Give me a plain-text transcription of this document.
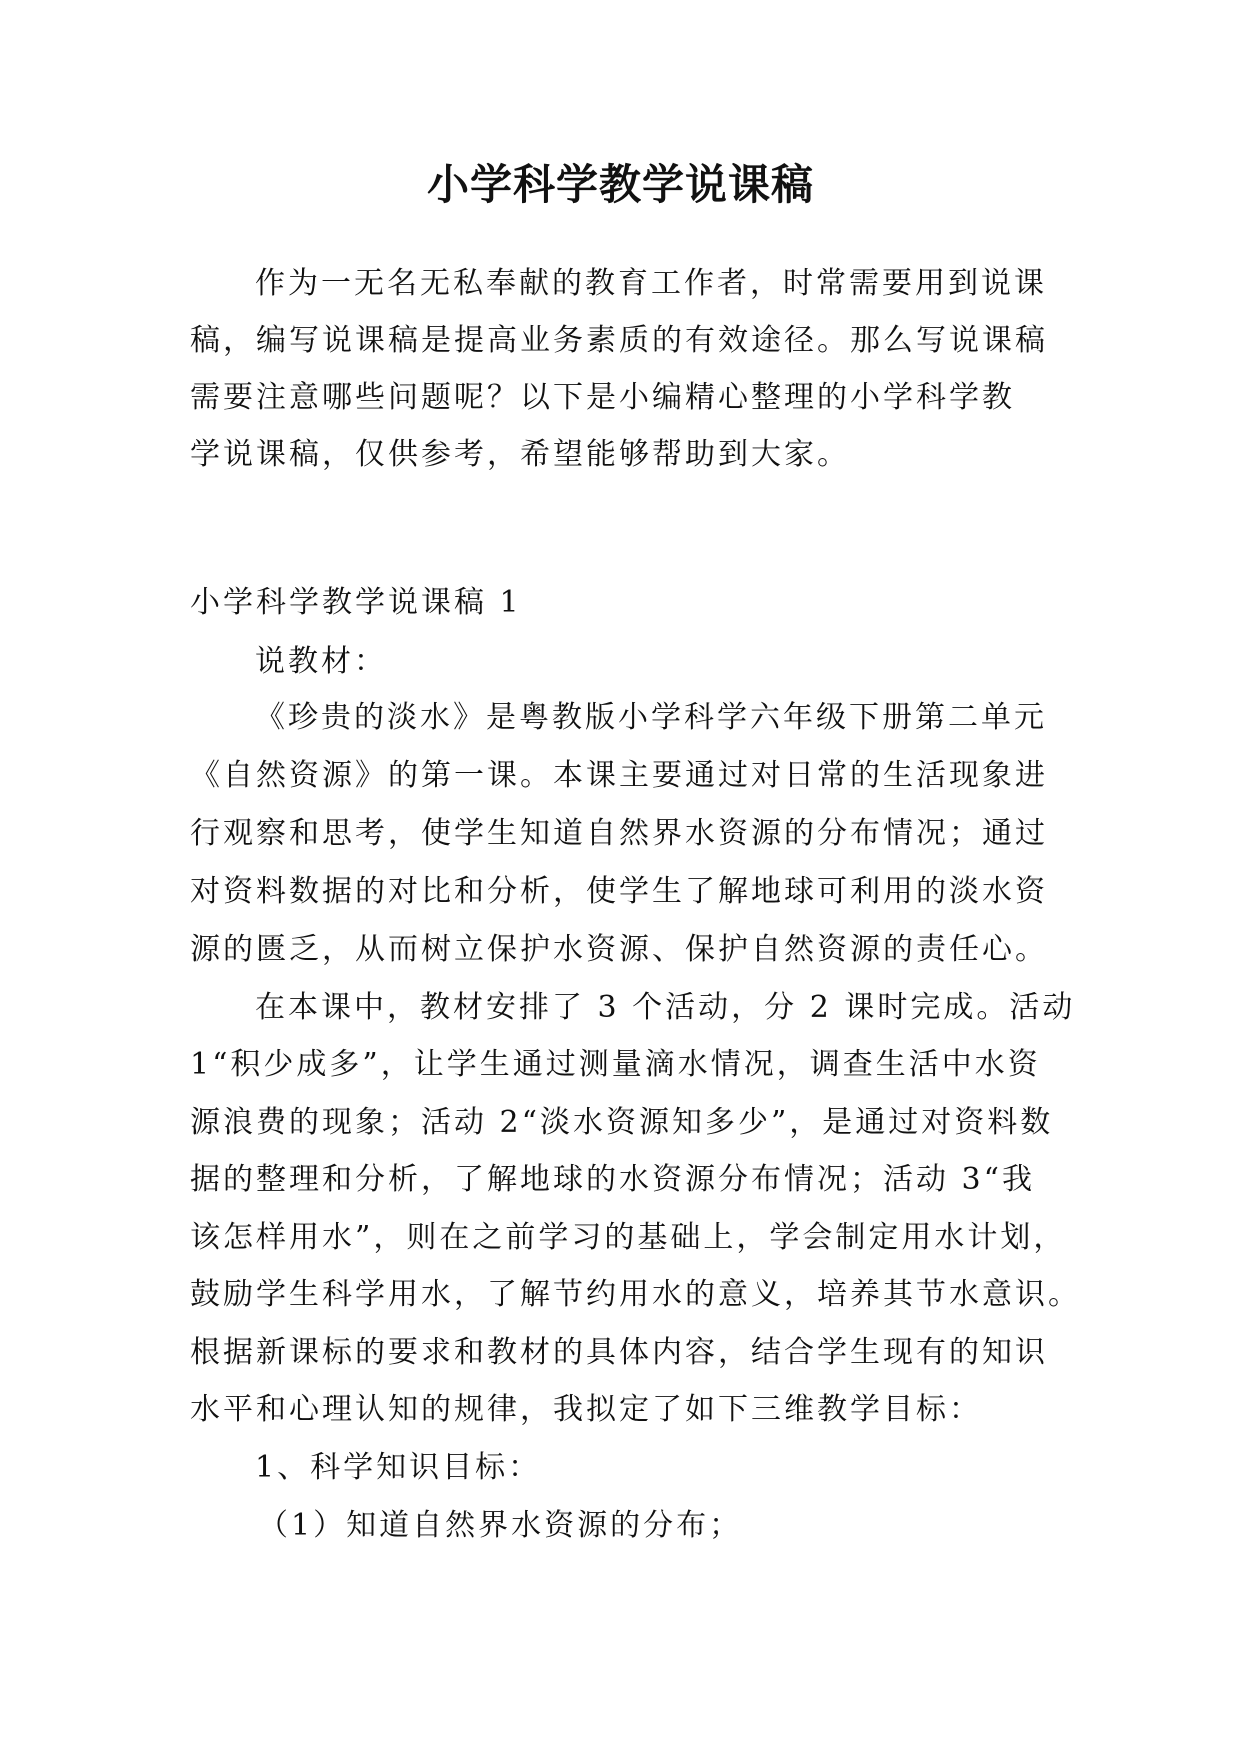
小学科学教学说课稿
作为一无名无私奉献的教育工作者，时常需要用到说课
稿，编写说课稿是提高业务素质的有效途径。那么写说课稿
需要注意哪些问题呢？以下是小编精心整理的小学科学教
学说课稿，仅供参考，希望能够帮助到大家。
小学科学教学说课稿 1
说教材：
《珍贵的淡水》是粤教版小学科学六年级下册第二单元
《自然资源》的第一课。本课主要通过对日常的生活现象进
行观察和思考，使学生知道自然界水资源的分布情况；通过
对资料数据的对比和分析，使学生了解地球可利用的淡水资
源的匮乏，从而树立保护水资源、保护自然资源的责任心。
在本课中，教材安排了 3 个活动，分 2 课时完成。活动
1“积少成多”，让学生通过测量滴水情况，调查生活中水资
源浪费的现象；活动 2“淡水资源知多少”，是通过对资料数
据的整理和分析，了解地球的水资源分布情况；活动 3“我
该怎样用水”，则在之前学习的基础上，学会制定用水计划，
鼓励学生科学用水，了解节约用水的意义，培养其节水意识。
根据新课标的要求和教材的具体内容，结合学生现有的知识
水平和心理认知的规律，我拟定了如下三维教学目标：
1、科学知识目标：
（1）知道自然界水资源的分布；
